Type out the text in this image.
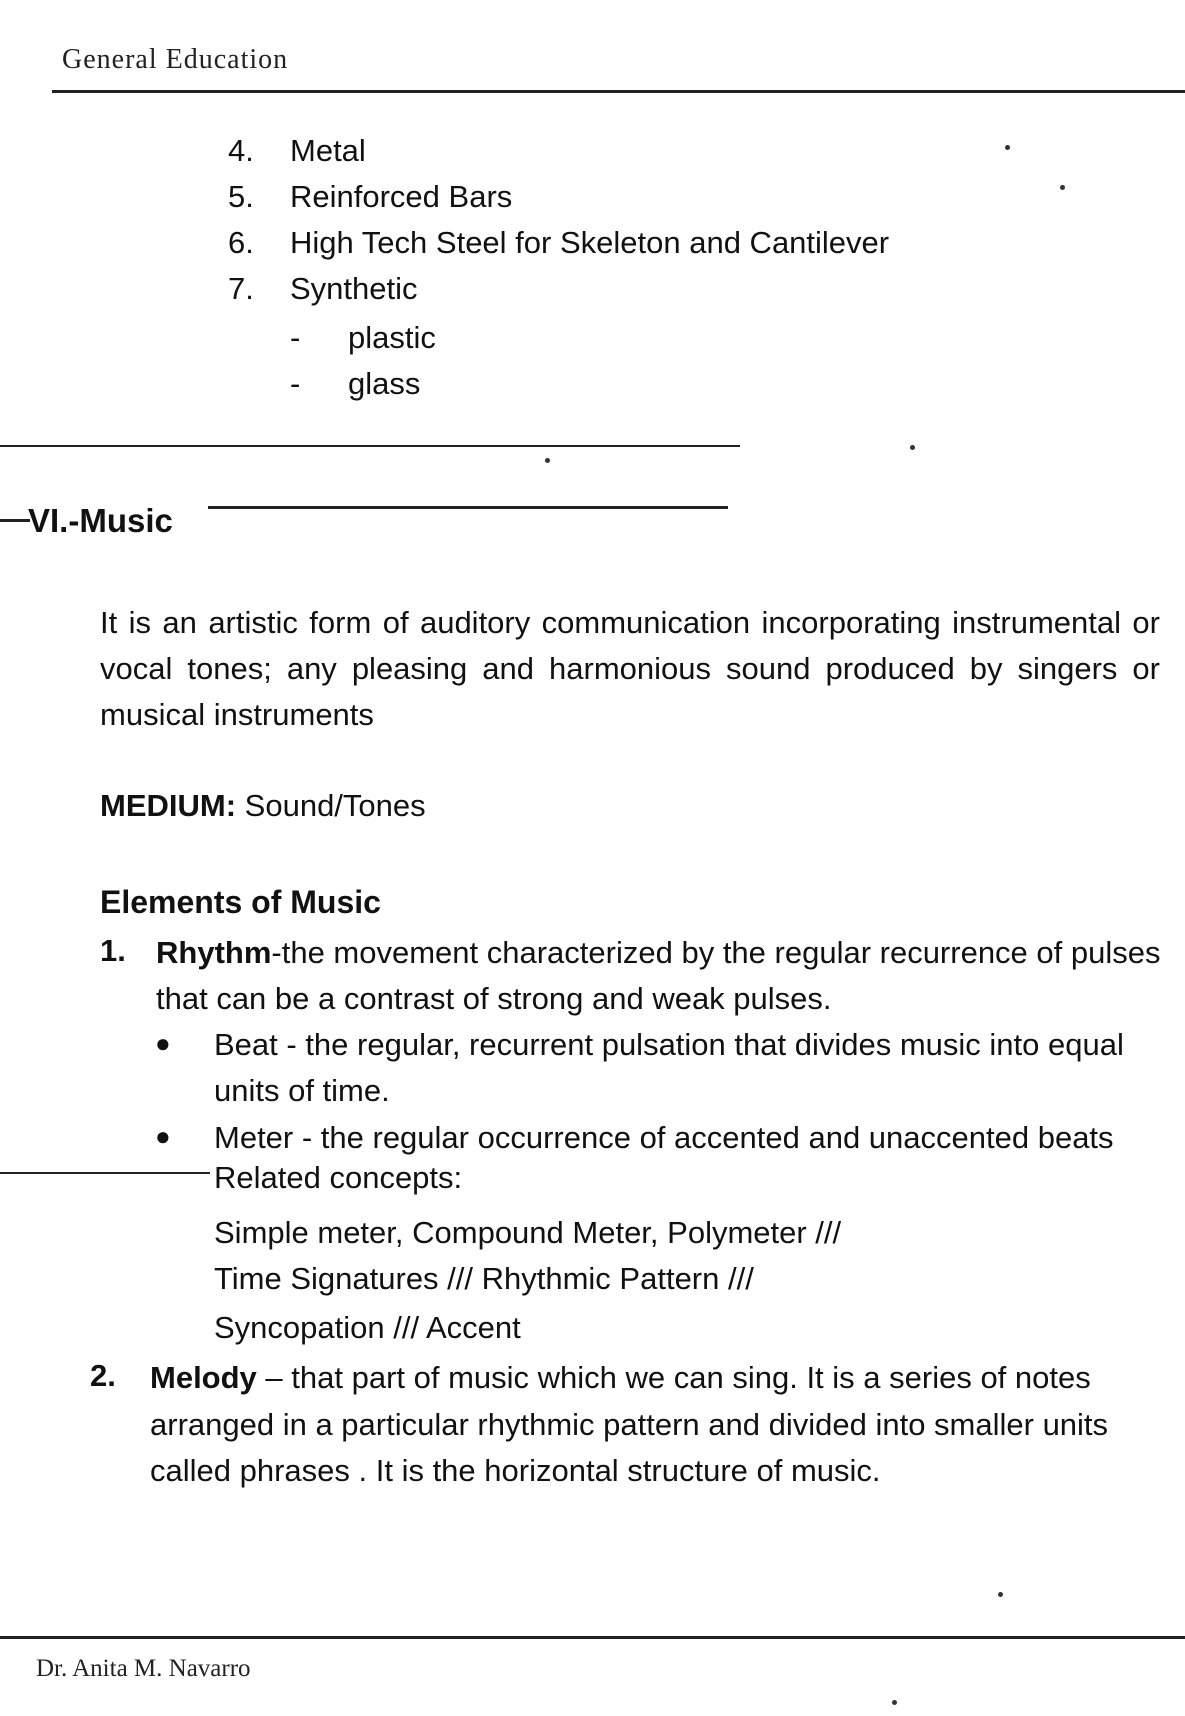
General Education
4. Metal
5. Reinforced Bars
6. High Tech Steel for Skeleton and Cantilever
7. Synthetic
- plastic
- glass
VI.-Music
It is an artistic form of auditory communication incorporating instrumental or vocal tones; any pleasing and harmonious sound produced by singers or musical instruments
MEDIUM: Sound/Tones
Elements of Music
1. Rhythm-the movement characterized by the regular recurrence of pulses
that can be a contrast of strong and weak pulses.
● Beat - the regular, recurrent pulsation that divides music into equal
units of time.
● Meter - the regular occurrence of accented and unaccented beats
Related concepts:
Simple meter, Compound Meter, Polymeter ///
Time Signatures /// Rhythmic Pattern ///
Syncopation /// Accent
2. Melody – that part of music which we can sing. It is a series of notes
arranged in a particular rhythmic pattern and divided into smaller units
called phrases . It is the horizontal structure of music.
Dr. Anita M. Navarro
